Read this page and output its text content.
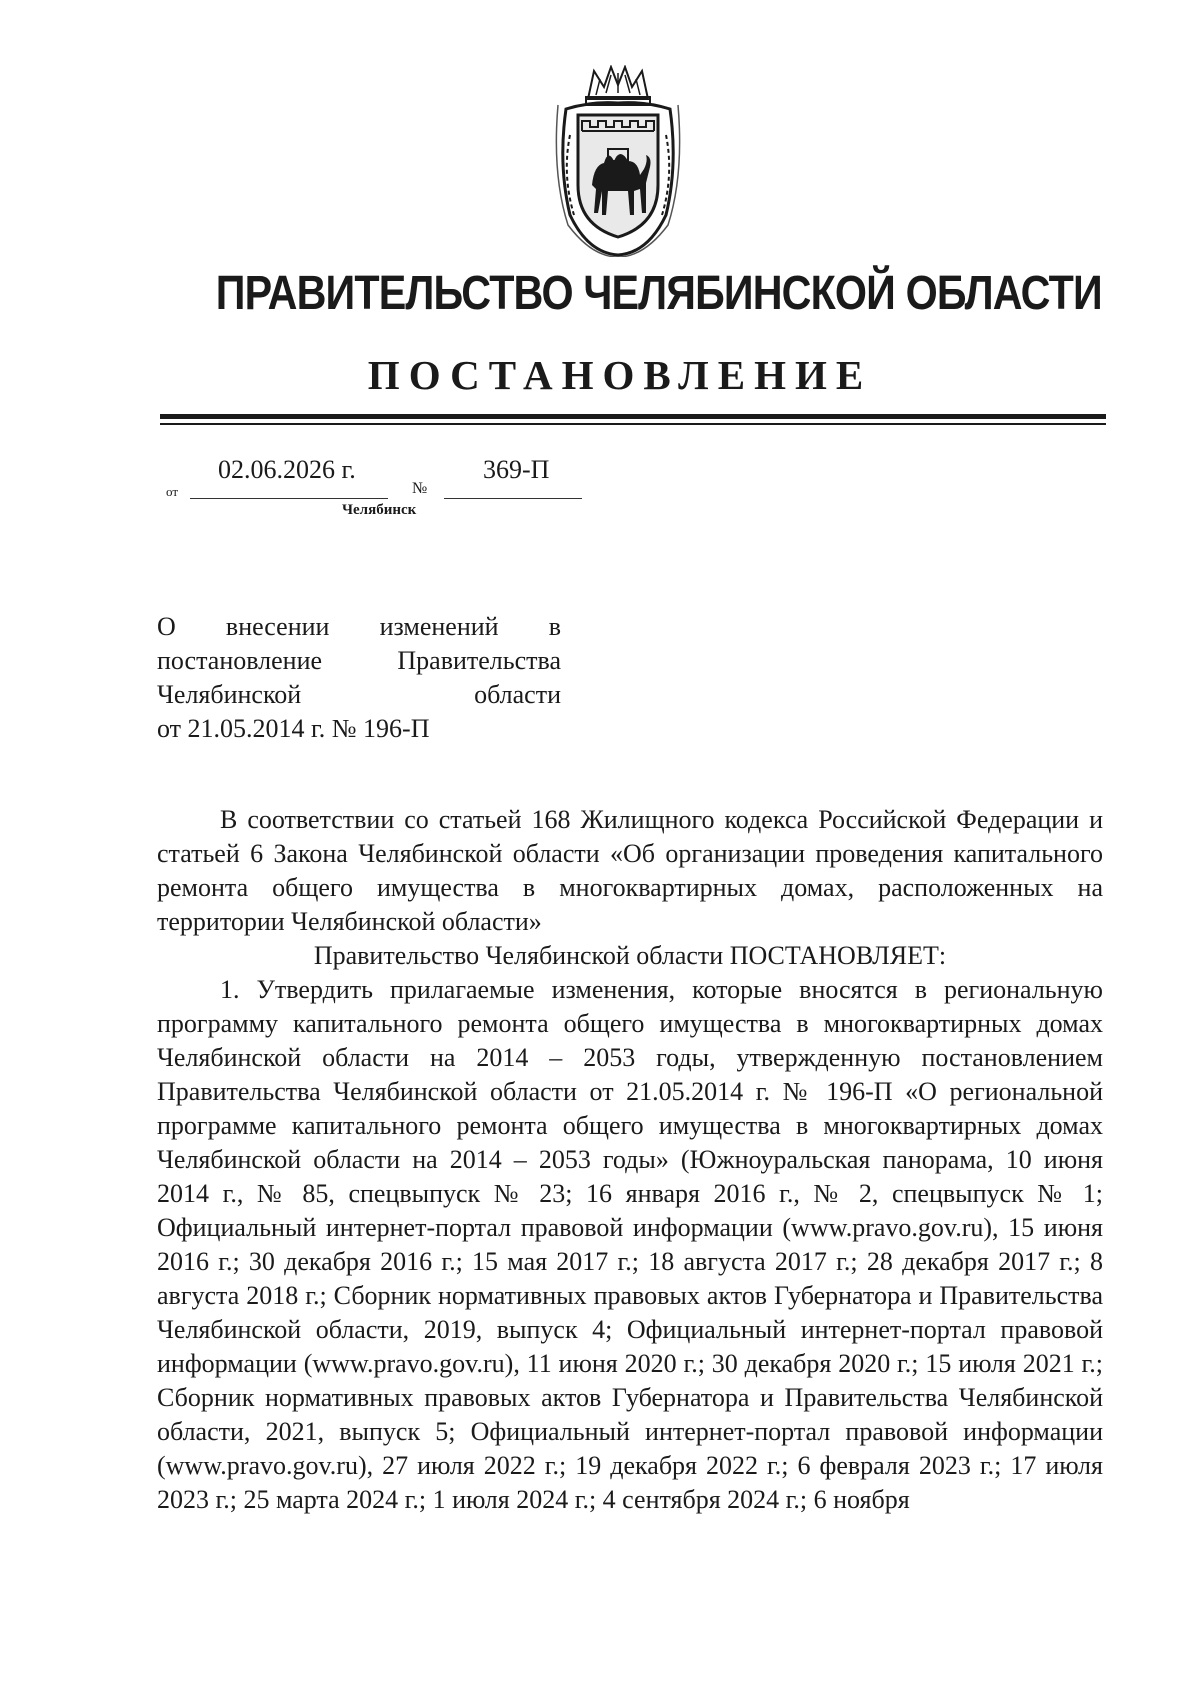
ПРАВИТЕЛЬСТВО ЧЕЛЯБИНСКОЙ ОБЛАСТИ
ПОСТАНОВЛЕНИЕ
от
02.06.2026 г.
№
369-П
Челябинск
О внесении изменений в
постановление Правительства
Челябинской области
от 21.05.2014 г. № 196-П

В соответствии со статьей 168 Жилищного кодекса Российской Федерации и статьей 6 Закона Челябинской области «Об организации проведения капитального ремонта общего имущества в многоквартирных домах, расположенных на территории Челябинской области»

Правительство Челябинской области ПОСТАНОВЛЯЕТ:

1. Утвердить прилагаемые изменения, которые вносятся в региональную программу капитального ремонта общего имущества в многоквартирных домах Челябинской области на 2014 – 2053 годы, утвержденную постановлением Правительства Челябинской области от 21.05.2014 г. № 196-П «О региональной программе капитального ремонта общего имущества в многоквартирных домах Челябинской области на 2014 – 2053 годы» (Южноуральская панорама, 10 июня 2014 г., № 85, спецвыпуск № 23; 16 января 2016 г., № 2, спецвыпуск № 1; Официальный интернет-портал правовой информации (www.pravo.gov.ru), 15 июня 2016 г.; 30 декабря 2016 г.; 15 мая 2017 г.; 18 августа 2017 г.; 28 декабря 2017 г.; 8 августа 2018 г.; Сборник нормативных правовых актов Губернатора и Правительства Челябинской области, 2019, выпуск 4; Официальный интернет-портал правовой информации (www.pravo.gov.ru), 11 июня 2020 г.; 30 декабря 2020 г.; 15 июля 2021 г.; Сборник нормативных правовых актов Губернатора и Правительства Челябинской области, 2021, выпуск 5; Официальный интернет-портал правовой информации (www.pravo.gov.ru), 27 июля 2022 г.; 19 декабря 2022 г.; 6 февраля 2023 г.; 17 июля 2023 г.; 25 марта 2024 г.; 1 июля 2024 г.; 4 сентября 2024 г.; 6 ноября
